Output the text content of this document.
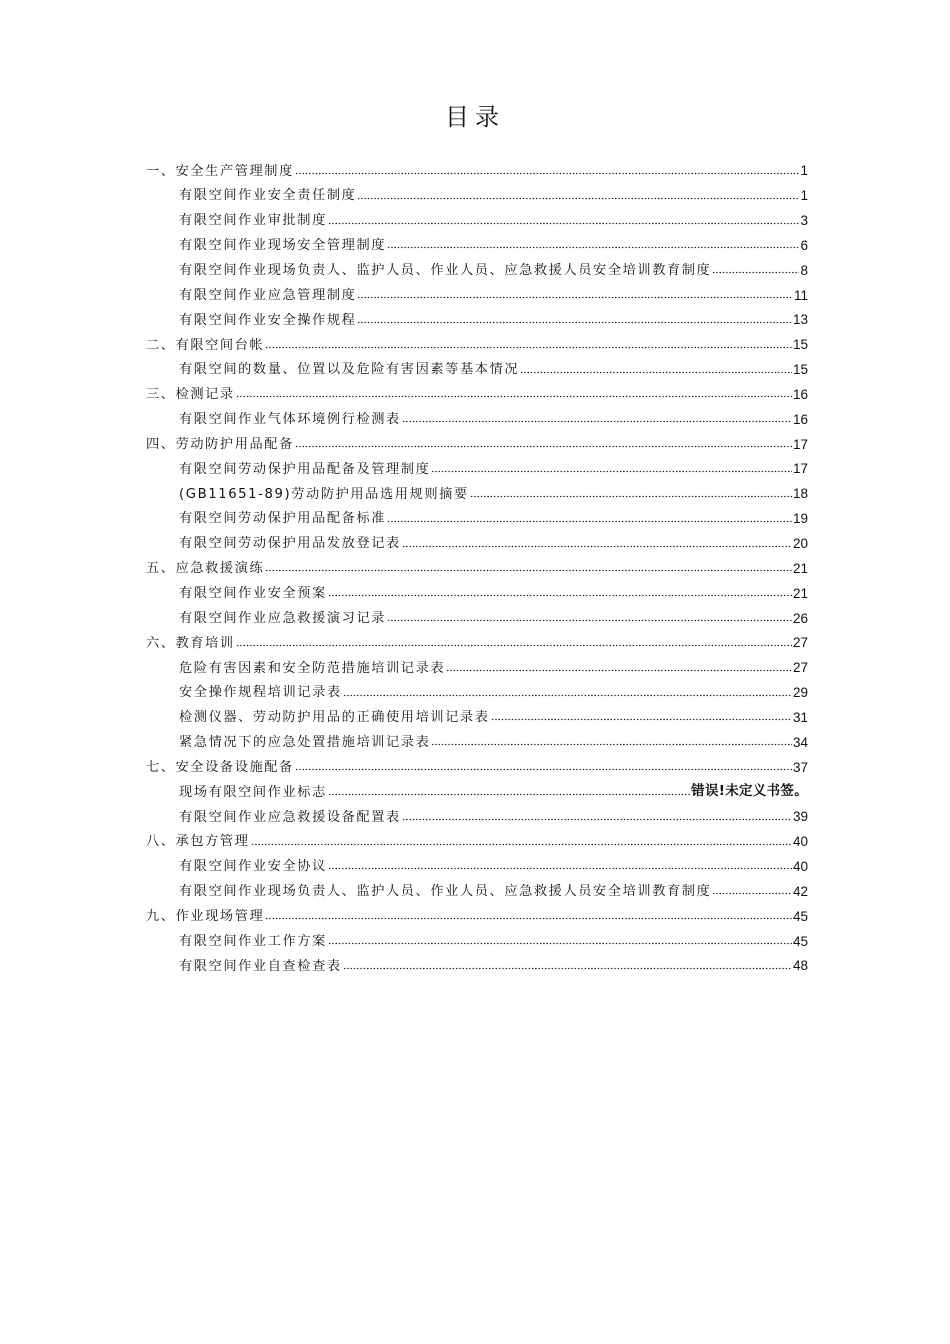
目录
一、安全生产管理制度	1
有限空间作业安全责任制度	1
有限空间作业审批制度	3
有限空间作业现场安全管理制度	6
有限空间作业现场负责人、监护人员、作业人员、应急救援人员安全培训教育制度	8
有限空间作业应急管理制度	11
有限空间作业安全操作规程	13
二、有限空间台帐	15
有限空间的数量、位置以及危险有害因素等基本情况	15
三、检测记录	16
有限空间作业气体环境例行检测表	16
四、劳动防护用品配备	17
有限空间劳动保护用品配备及管理制度	17
(GB11651-89)劳动防护用品选用规则摘要	18
有限空间劳动保护用品配备标准	19
有限空间劳动保护用品发放登记表	20
五、应急救援演练	21
有限空间作业安全预案	21
有限空间作业应急救援演习记录	26
六、教育培训	27
危险有害因素和安全防范措施培训记录表	27
安全操作规程培训记录表	29
检测仪器、劳动防护用品的正确使用培训记录表	31
紧急情况下的应急处置措施培训记录表	34
七、安全设备设施配备	37
现场有限空间作业标志	错误!未定义书签。
有限空间作业应急救援设备配置表	39
八、承包方管理	40
有限空间作业安全协议	40
有限空间作业现场负责人、监护人员、作业人员、应急救援人员安全培训教育制度	42
九、作业现场管理	45
有限空间作业工作方案	45
有限空间作业自查检查表	48
